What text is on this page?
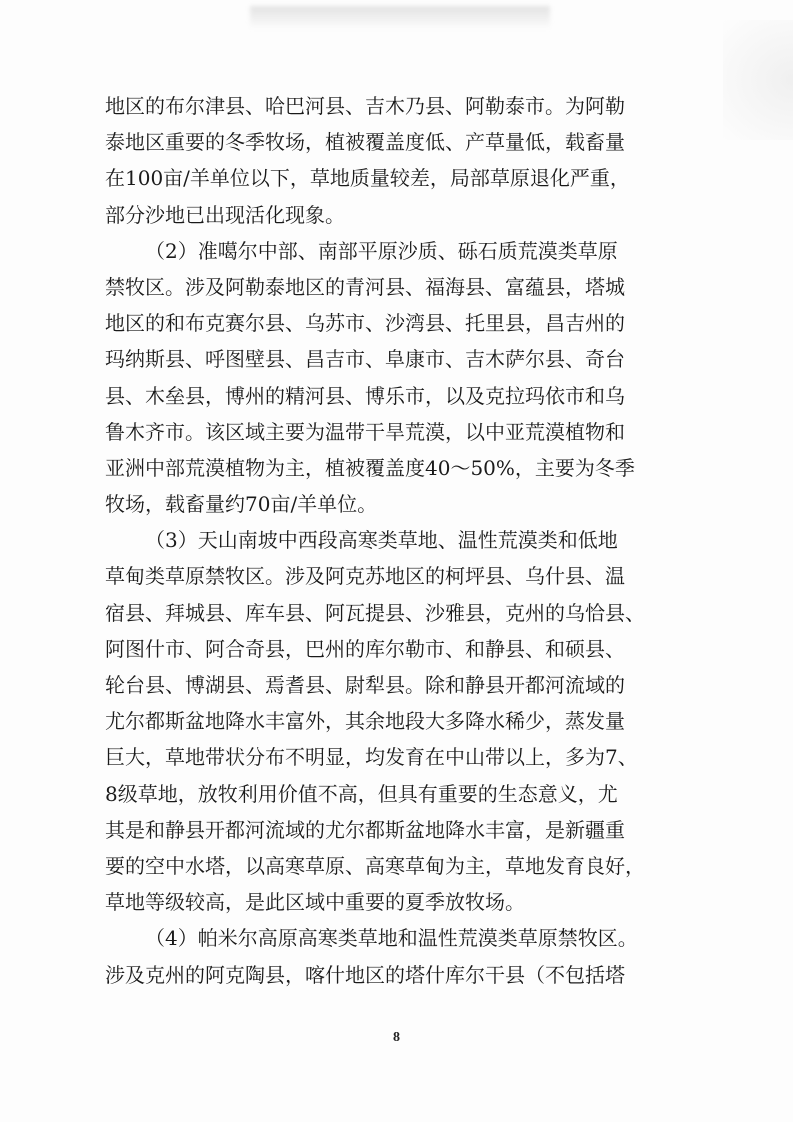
地区的布尔津县、哈巴河县、吉木乃县、阿勒泰市。为阿勒
泰地区重要的冬季牧场，植被覆盖度低、产草量低，载畜量
在100亩/羊单位以下，草地质量较差，局部草原退化严重，
部分沙地已出现活化现象。
（2）准噶尔中部、南部平原沙质、砾石质荒漠类草原
禁牧区。涉及阿勒泰地区的青河县、福海县、富蕴县，塔城
地区的和布克赛尔县、乌苏市、沙湾县、托里县，昌吉州的
玛纳斯县、呼图壁县、昌吉市、阜康市、吉木萨尔县、奇台
县、木垒县，博州的精河县、博乐市，以及克拉玛依市和乌
鲁木齐市。该区域主要为温带干旱荒漠，以中亚荒漠植物和
亚洲中部荒漠植物为主，植被覆盖度40～50%，主要为冬季
牧场，载畜量约70亩/羊单位。
（3）天山南坡中西段高寒类草地、温性荒漠类和低地
草甸类草原禁牧区。涉及阿克苏地区的柯坪县、乌什县、温
宿县、拜城县、库车县、阿瓦提县、沙雅县，克州的乌恰县、
阿图什市、阿合奇县，巴州的库尔勒市、和静县、和硕县、
轮台县、博湖县、焉耆县、尉犁县。除和静县开都河流域的
尤尔都斯盆地降水丰富外，其余地段大多降水稀少，蒸发量
巨大，草地带状分布不明显，均发育在中山带以上，多为7、
8级草地，放牧利用价值不高，但具有重要的生态意义，尤
其是和静县开都河流域的尤尔都斯盆地降水丰富，是新疆重
要的空中水塔，以高寒草原、高寒草甸为主，草地发育良好，
草地等级较高，是此区域中重要的夏季放牧场。
（4）帕米尔高原高寒类草地和温性荒漠类草原禁牧区。
涉及克州的阿克陶县，喀什地区的塔什库尔干县（不包括塔
8
